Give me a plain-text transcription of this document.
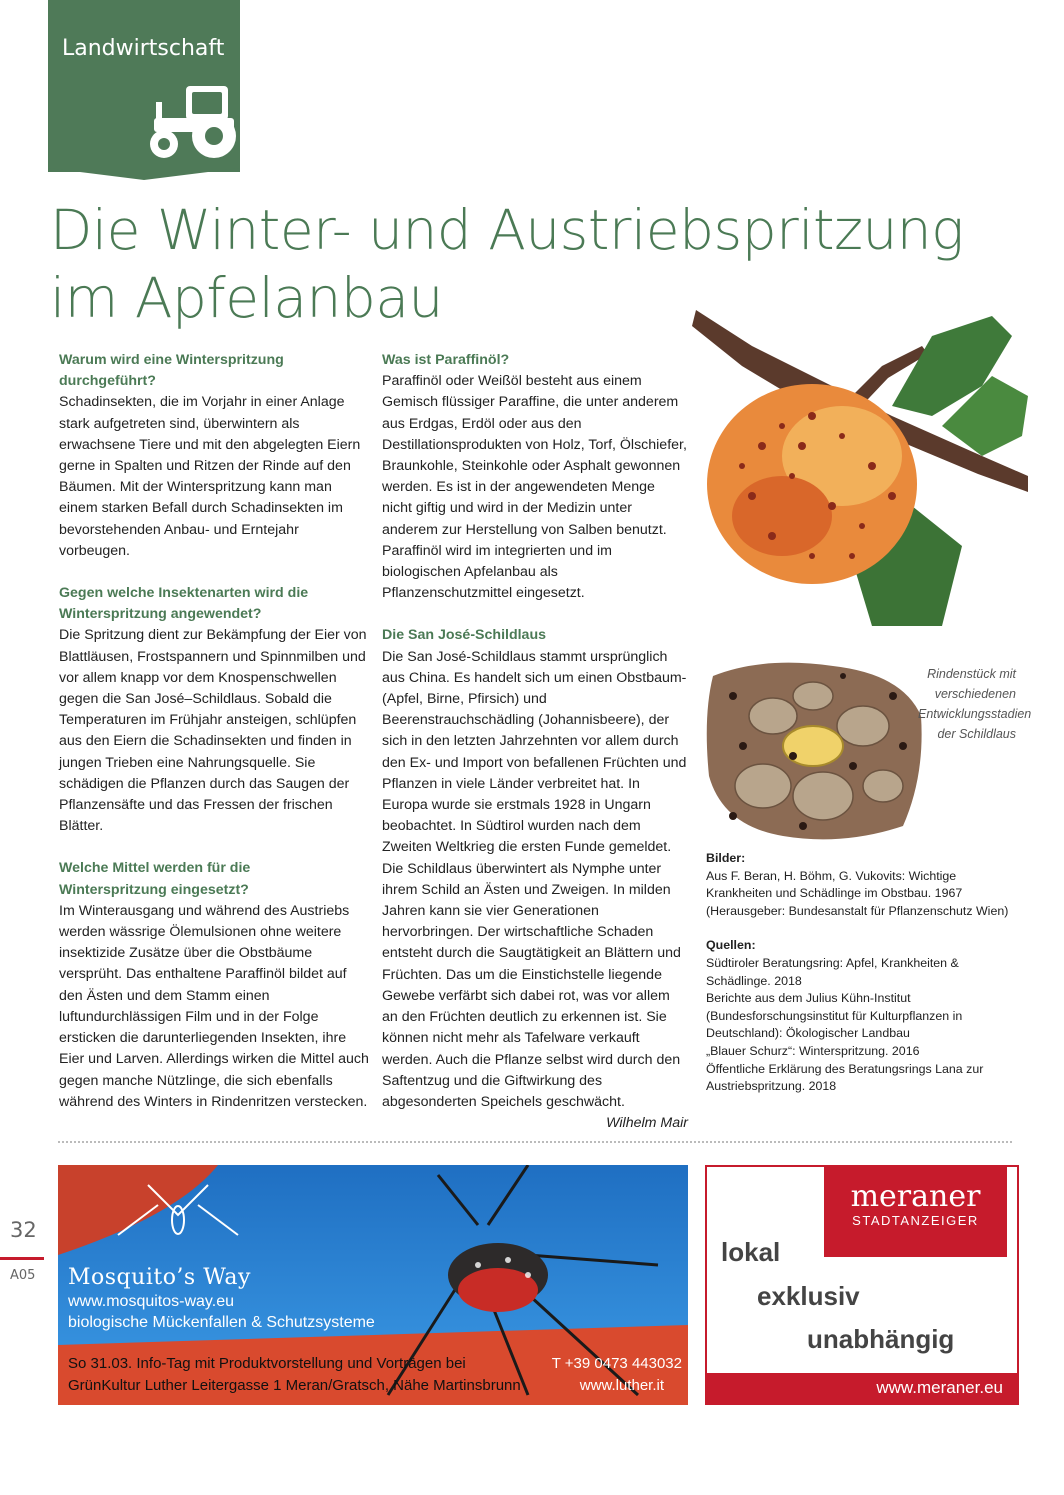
Landwirtschaft
Die Winter- und Austriebspritzung
im Apfelanbau
Warum wird eine Winterspritzung
durchgeführt?

Schadinsekten, die im Vorjahr in einer Anlage stark aufgetreten sind, überwintern als erwachsene Tiere und mit den abgelegten Eiern gerne in Spalten und Ritzen der Rinde auf den Bäumen. Mit der Winterspritzung kann man einem starken Befall durch Schadinsekten im bevorstehenden Anbau- und Erntejahr vorbeugen.

Gegen welche Insektenarten wird die
Winterspritzung angewendet?

Die Spritzung dient zur Bekämpfung der Eier von Blattläusen, Frostspannern und Spinnmilben und vor allem knapp vor dem Knospenschwellen gegen die San José–Schildlaus. Sobald die Temperaturen im Frühjahr ansteigen, schlüpfen aus den Eiern die Schadinsekten und finden in jungen Trieben eine Nahrungsquelle. Sie schädigen die Pflanzen durch das Saugen der Pflanzensäfte und das Fressen der frischen Blätter.

Welche Mittel werden für die
Winterspritzung eingesetzt?

Im Winterausgang und während des Austriebs werden wässrige Ölemulsionen ohne weitere insektizide Zusätze über die Obstbäume versprüht. Das enthaltene Paraffinöl bildet auf den Ästen und dem Stamm einen luftundurchlässigen Film und in der Folge ersticken die darunterliegenden Insekten, ihre Eier und Larven. Allerdings wirken die Mittel auch gegen manche Nützlinge, die sich ebenfalls während des Winters in Rindenritzen verstecken.

Was ist Paraffinöl?

Paraffinöl oder Weißöl besteht aus einem Gemisch flüssiger Paraffine, die unter anderem aus Erdgas, Erdöl oder aus den Destillationsprodukten von Holz, Torf, Ölschiefer, Braunkohle, Steinkohle oder Asphalt gewonnen werden. Es ist in der angewendeten Menge nicht giftig und wird in der Medizin unter anderem zur Herstellung von Salben benutzt. Paraffinöl wird im integrierten und im biologischen Apfelanbau als Pflanzenschutzmittel eingesetzt.

Die San José-Schildlaus

Die San José-Schildlaus stammt ursprünglich aus China. Es handelt sich um einen Obstbaum- (Apfel, Birne, Pfirsich) und Beerenstrauchschädling (Johannisbeere), der sich in den letzten Jahrzehnten vor allem durch den Ex- und Import von befallenen Früchten und Pflanzen in viele Länder verbreitet hat. In Europa wurde sie erstmals 1928 in Ungarn beobachtet. In Südtirol wurden nach dem Zweiten Weltkrieg die ersten Funde gemeldet.

Die Schildlaus überwintert als Nymphe unter ihrem Schild an Ästen und Zweigen. In milden Jahren kann sie vier Generationen hervorbringen. Der wirtschaftliche Schaden entsteht durch die Saugtätigkeit an Blättern und Früchten. Das um die Einstichstelle liegende Gewebe verfärbt sich dabei rot, was vor allem an den Früchten deutlich zu erkennen ist. Sie können nicht mehr als Tafelware verkauft werden. Auch die Pflanze selbst wird durch den Saftentzug und die Giftwirkung des abgesonderten Speichels geschwächt.

Wilhelm Mair

Rindenstück mit verschiedenen Entwicklungsstadien der Schildlaus
Bilder:

Aus F. Beran, H. Böhm, G. Vukovits: Wichtige Krankheiten und Schädlinge im Obstbau. 1967 (Herausgeber: Bundesanstalt für Pflanzenschutz Wien)

Quellen:

Südtiroler Beratungsring: Apfel, Krankheiten & Schädlinge. 2018

Berichte aus dem Julius Kühn-Institut (Bundesforschungsinstitut für Kulturpflanzen in Deutschland): Ökologischer Landbau

„Blauer Schurz“: Winterspritzung. 2016

Öffentliche Erklärung des Beratungsrings Lana zur Austriebspritzung. 2018

Mosquito’s Way
www.mosquitos-way.eu
biologische Mückenfallen & Schutzsysteme
So 31.03. Info-Tag mit Produktvorstellung und Vorträgen bei
GrünKultur Luther Leitergasse 1 Meran/Gratsch, Nähe Martinsbrunn
T +39 0473 443032
www.luther.it
meraner
STADTANZEIGER
lokal
exklusiv
unabhängig
www.meraner.eu
32
A05
